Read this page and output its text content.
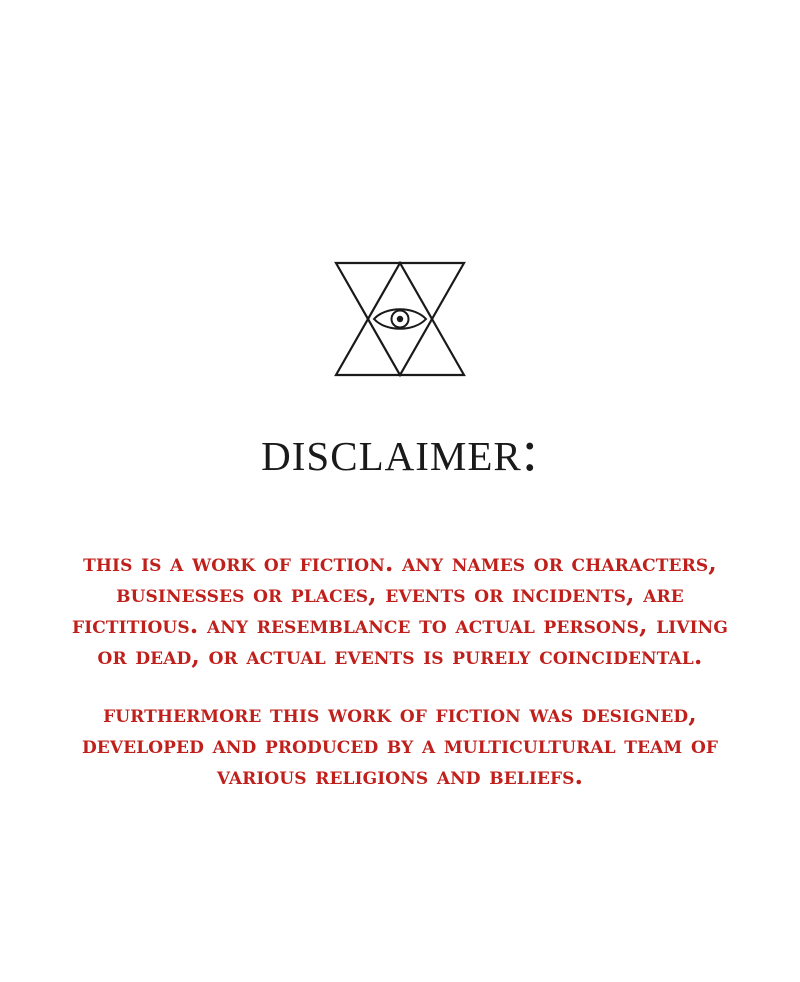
disclaimer:

this is a work of fiction. any names or characters, businesses or places, events or incidents, are fictitious. any resemblance to actual persons, living or dead, or actual events is purely coincidental.

furthermore this work of fiction was designed, developed and produced by a multicultural team of various religions and beliefs.
